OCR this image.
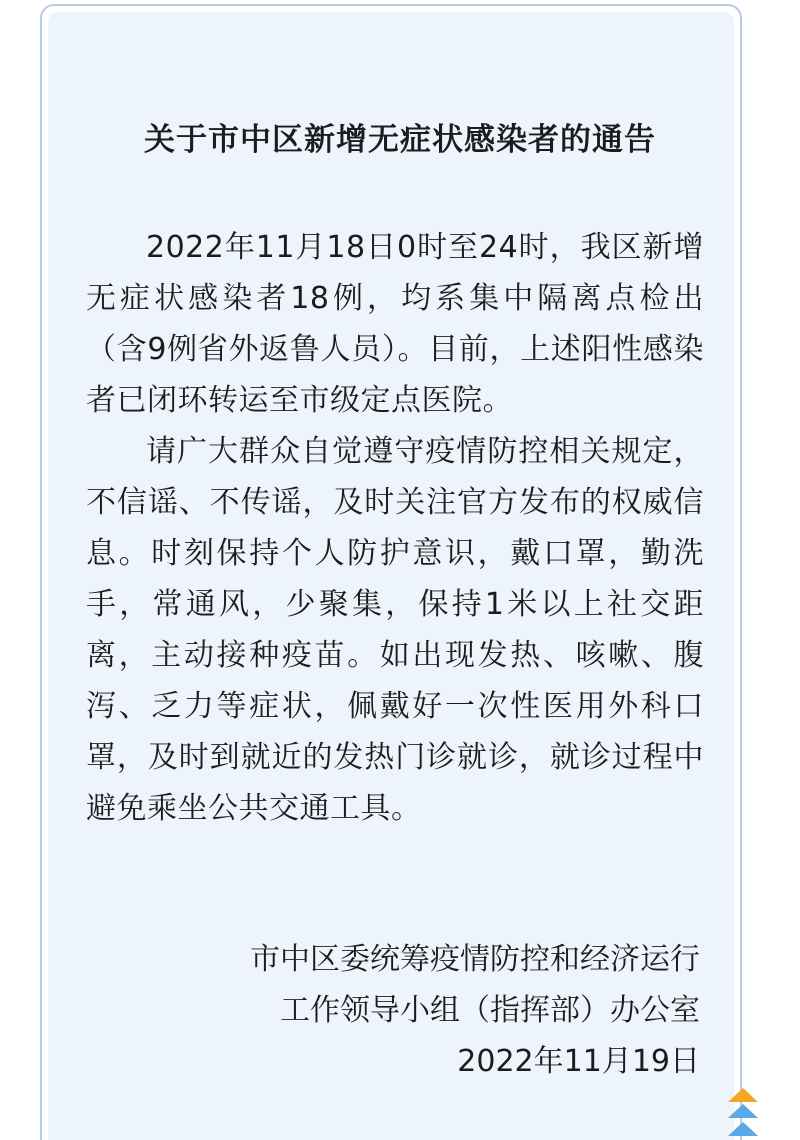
关于市中区新增无症状感染者的通告

2022年11月18日0时至24时，我区新增无症状感染者18例，均系集中隔离点检出（含9例省外返鲁人员）。目前，上述阳性感染者已闭环转运至市级定点医院。

请广大群众自觉遵守疫情防控相关规定，不信谣、不传谣，及时关注官方发布的权威信息。时刻保持个人防护意识，戴口罩，勤洗手，常通风，少聚集，保持1米以上社交距离，主动接种疫苗。如出现发热、咳嗽、腹泻、乏力等症状，佩戴好一次性医用外科口罩，及时到就近的发热门诊就诊，就诊过程中避免乘坐公共交通工具。

市中区委统筹疫情防控和经济运行
工作领导小组（指挥部）办公室
2022年11月19日
